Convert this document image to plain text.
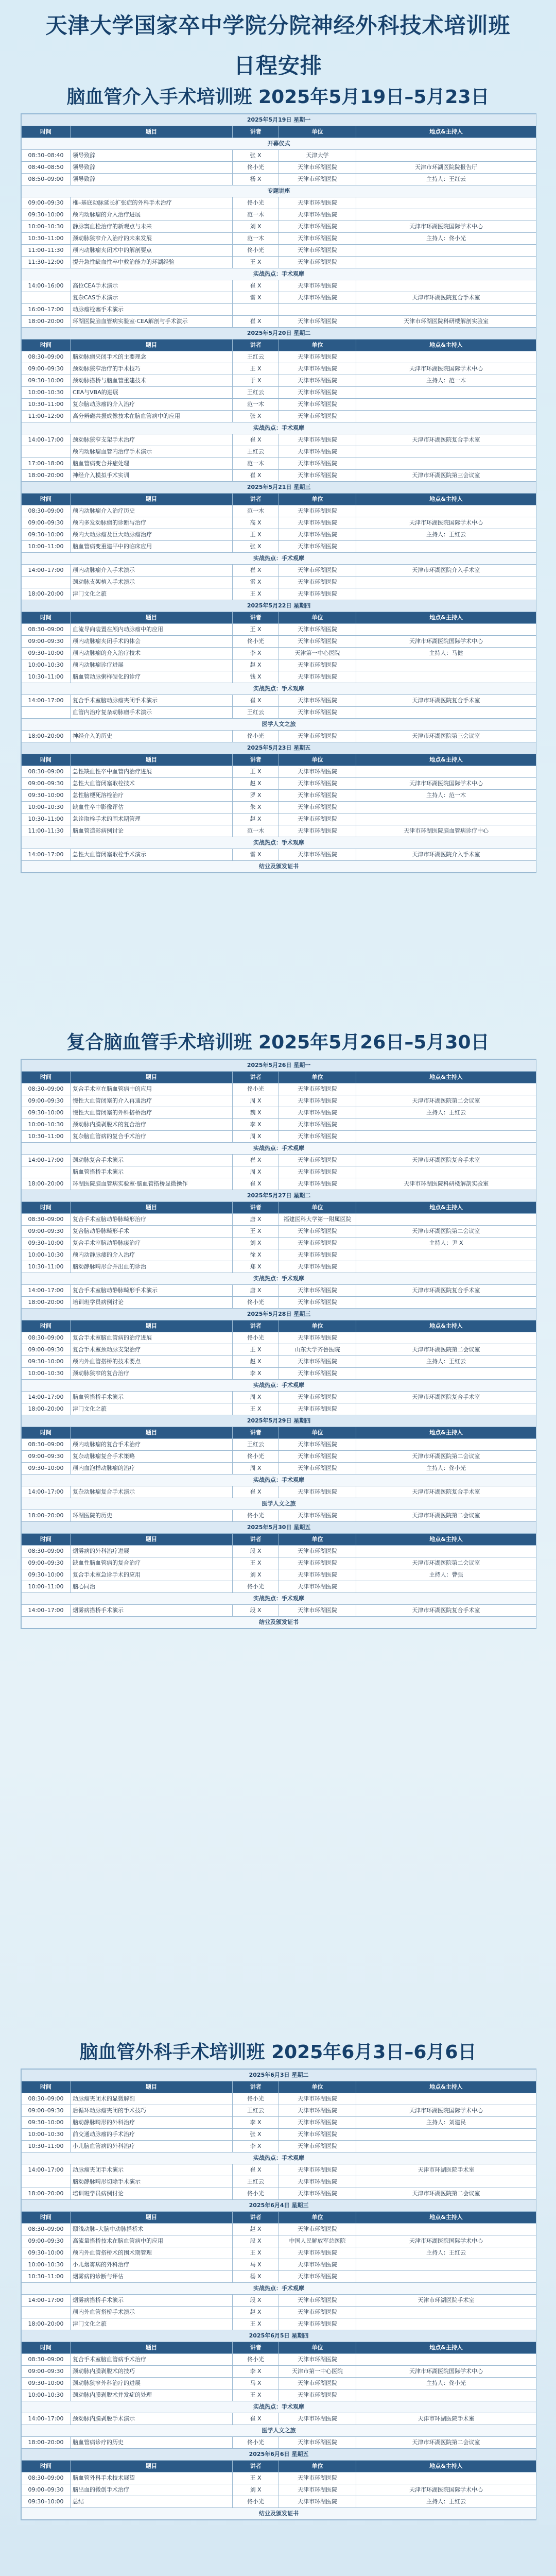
天津大学国家卒中学院分院神经外科技术培训班
日程安排
脑血管介入手术培训班 2025年5月19日–5月23日
2025年5月19日 星期一				
时间	题目	讲者	单位	地点&主持人
开幕仪式				
08:30–08:40	领导致辞	张 X	天津大学	
08:40–08:50	领导致辞	佟小光	天津市环湖医院	天津市环湖医院院报告厅
08:50–09:00	领导致辞	杨 X	天津市环湖医院	主持人：王红云
专题讲座				
09:00–09:30	椎–基底动脉延长扩张症的外科手术治疗	佟小光	天津市环湖医院	
09:30–10:00	颅内动脉瘤的介入治疗进展	范一木	天津市环湖医院	
10:00–10:30	静脉窦血栓治疗的新观点与未来	刘 X	天津市环湖医院	天津市环湖医院国际学术中心
10:30–11:00	颈动脉狭窄介入治疗的未来发展	范一木	天津市环湖医院	主持人：佟小光
11:00–11:30	颅内动脉瘤夹闭术中的解剖要点	佟小光	天津市环湖医院	
11:30–12:00	提升急性缺血性卒中救治能力的环湖经验	王 X	天津市环湖医院	
实战热点：手术观摩				
14:00–16:00	高位CEA手术演示	崔 X	天津市环湖医院	
	复杂CAS手术演示	雷 X	天津市环湖医院	天津市环湖医院复合手术室
16:00–17:00	动脉瘤栓塞手术演示			
18:00–20:00	环湖医院脑血管病实验室·CEA解剖与手术演示	崔 X	天津市环湖医院	天津市环湖医院科研楼解剖实验室
2025年5月20日 星期二				
时间	题目	讲者	单位	地点&主持人
08:30–09:00	脑动脉瘤夹闭手术的主要理念	王红云	天津市环湖医院	
09:00–09:30	颈动脉狭窄治疗的手术技巧	王 X	天津市环湖医院	天津市环湖医院国际学术中心
09:30–10:00	颈动脉搭桥与脑血管重建技术	于 X	天津市环湖医院	主持人：范一木
10:00–10:30	CEA与VBA的进展	王红云	天津市环湖医院	
10:30–11:00	复杂脑动脉瘤的介入治疗	范一木	天津市环湖医院	
11:00–12:00	高分辨磁共振成像技术在脑血管病中的应用	张 X	天津市环湖医院	
实战热点：手术观摩				
14:00–17:00	颈动脉狭窄支架手术治疗	崔 X	天津市环湖医院	天津市环湖医院复合手术室
	颅内动脉瘤血管内治疗手术演示	王红云	天津市环湖医院	
17:00–18:00	脑血管病变合并症处理	范一木	天津市环湖医院	
18:00–20:00	神经介入模拟手术实训	崔 X	天津市环湖医院	天津市环湖医院第三会议室
2025年5月21日 星期三				
时间	题目	讲者	单位	地点&主持人
08:30–09:00	颅内动脉瘤介入治疗历史	范一木	天津市环湖医院	
09:00–09:30	颅内多发动脉瘤的诊断与治疗	高 X	天津市环湖医院	天津市环湖医院国际学术中心
09:30–10:00	颅内大动脉瘤及巨大动脉瘤治疗	王 X	天津市环湖医院	主持人：王红云
10:00–11:00	脑血管病变重建平中的临床应用	张 X	天津市环湖医院	
实战热点：手术观摩				
14:00–17:00	颅内动脉瘤介入手术演示	崔 X	天津市环湖医院	天津市环湖医院介入手术室
	颈动脉支架植入手术演示	雷 X	天津市环湖医院	
18:00–20:00	津门文化之旅	王 X	天津市环湖医院	
2025年5月22日 星期四				
时间	题目	讲者	单位	地点&主持人
08:30–09:00	血流导向装置在颅内动脉瘤中的应用	王 X	天津市环湖医院	
09:00–09:30	颅内动脉瘤夹闭手术的体会	佟小光	天津市环湖医院	天津市环湖医院国际学术中心
09:30–10:00	颅内动脉瘤的介入治疗技术	李 X	天津第一中心医院	主持人：马健
10:00–10:30	颅内动脉瘤诊疗进展	赵 X	天津市环湖医院	
10:30–11:00	脑血管动脉粥样硬化的诊疗	钱 X	天津市环湖医院	
实战热点：手术观摩				
14:00–17:00	复合手术室脑动脉瘤夹闭手术演示	崔 X	天津市环湖医院	天津市环湖医院复合手术室
	血管内治疗复杂动脉瘤手术演示	王红云	天津市环湖医院	
医学人文之旅				
18:00–20:00	神经介入的历史	佟小光	天津市环湖医院	天津市环湖医院第三会议室
2025年5月23日 星期五				
时间	题目	讲者	单位	地点&主持人
08:30–09:00	急性缺血性卒中血管内治疗进展	王 X	天津市环湖医院	
09:00–09:30	急性大血管闭塞取栓技术	赵 X	天津市环湖医院	天津市环湖医院国际学术中心
09:30–10:00	急性脑梗死溶栓治疗	罗 X	天津市环湖医院	主持人：范一木
10:00–10:30	缺血性卒中影像评估	朱 X	天津市环湖医院	
10:30–11:00	急诊取栓手术的围术期管理	赵 X	天津市环湖医院	
11:00–11:30	脑血管造影病例讨论	范一木	天津市环湖医院	天津市环湖医院脑血管病诊疗中心
实战热点：手术观摩				
14:00–17:00	急性大血管闭塞取栓手术演示	雷 X	天津市环湖医院	天津市环湖医院介入手术室
结业及颁发证书				
复合脑血管手术培训班 2025年5月26日–5月30日
2025年5月26日 星期一				
时间	题目	讲者	单位	地点&主持人
08:30–09:00	复合手术室在脑血管病中的应用	佟小光	天津市环湖医院	
09:00–09:30	慢性大血管闭塞的介入再通治疗	周 X	天津市环湖医院	天津市环湖医院第二会议室
09:30–10:00	慢性大血管闭塞的外科搭桥治疗	魏 X	天津市环湖医院	主持人：王红云
10:00–10:30	颈动脉内膜剥脱术的复合治疗	李 X	天津市环湖医院	
10:30–11:00	复杂脑血管病的复合手术治疗	周 X	天津市环湖医院	
实战热点：手术观摩				
14:00–17:00	颈动脉复合手术演示	崔 X	天津市环湖医院	天津市环湖医院复合手术室
	脑血管搭桥手术演示	周 X	天津市环湖医院	
18:00–20:00	环湖医院脑血管病实验室·脑血管搭桥显微操作	崔 X	天津市环湖医院	天津市环湖医院科研楼解剖实验室
2025年5月27日 星期二				
时间	题目	讲者	单位	地点&主持人
08:30–09:00	复合手术室脑动静脉畸形治疗	唐 X	福建医科大学第一附属医院	
09:00–09:30	复合脑动静脉畸形手术	王 X	天津市环湖医院	天津市环湖医院第二会议室
09:30–10:00	复合手术室脑动静脉瘘治疗	刘 X	天津市环湖医院	主持人：尹 X
10:00–10:30	颅内动静脉瘘的介入治疗	徐 X	天津市环湖医院	
10:30–11:00	脑动静脉畸形合并出血的诊治	郑 X	天津市环湖医院	
实战热点：手术观摩				
14:00–17:00	复合手术室脑动静脉畸形手术演示	唐 X	天津市环湖医院	天津市环湖医院复合手术室
18:00–20:00	培训班学员病例讨论	佟小光	天津市环湖医院	
2025年5月28日 星期三				
时间	题目	讲者	单位	地点&主持人
08:30–09:00	复合手术室脑血管病的治疗进展	佟小光	天津市环湖医院	
09:00–09:30	复合手术室颈动脉支架治疗	王 X	山东大学齐鲁医院	天津市环湖医院第二会议室
09:30–10:00	颅内外血管搭桥的技术要点	赵 X	天津市环湖医院	主持人：王红云
10:00–10:30	颈动脉狭窄的复合治疗	李 X	天津市环湖医院	
实战热点：手术观摩				
14:00–17:00	脑血管搭桥手术演示	周 X	天津市环湖医院	天津市环湖医院复合手术室
18:00–20:00	津门文化之旅	王 X	天津市环湖医院	
2025年5月29日 星期四				
时间	题目	讲者	单位	地点&主持人
08:30–09:00	颅内动脉瘤的复合手术治疗	王红云	天津市环湖医院	
09:00–09:30	复杂动脉瘤复合手术策略	佟小光	天津市环湖医院	天津市环湖医院第二会议室
09:30–10:00	颅内血泡样动脉瘤的治疗	周 X	天津市环湖医院	主持人：佟小光
实战热点：手术观摩				
14:00–17:00	复杂动脉瘤复合手术演示	崔 X	天津市环湖医院	天津市环湖医院复合手术室
医学人文之旅				
18:00–20:00	环湖医院的历史	佟小光	天津市环湖医院	天津市环湖医院第二会议室
2025年5月30日 星期五				
时间	题目	讲者	单位	地点&主持人
08:30–09:00	烟雾病的外科治疗进展	段 X	天津市环湖医院	
09:00–09:30	缺血性脑血管病的复合治疗	王 X	天津市环湖医院	天津市环湖医院第二会议室
09:30–10:00	复合手术室急诊手术的应用	刘 X	天津市环湖医院	主持人：曹强
10:00–11:00	脑心同治	佟小光	天津市环湖医院	
实战热点：手术观摩				
14:00–17:00	烟雾病搭桥手术演示	段 X	天津市环湖医院	天津市环湖医院复合手术室
结业及颁发证书				
脑血管外科手术培训班 2025年6月3日–6月6日
2025年6月3日 星期二				
时间	题目	讲者	单位	地点&主持人
08:30–09:00	动脉瘤夹闭术的显微解剖	佟小光	天津市环湖医院	
09:00–09:30	后循环动脉瘤夹闭的手术技巧	王红云	天津市环湖医院	天津市环湖医院国际学术中心
09:30–10:00	脑动静脉畸形的外科治疗	李 X	天津市环湖医院	主持人：刘建民
10:00–10:30	前交通动脉瘤的手术治疗	张 X	天津市环湖医院	
10:30–11:00	小儿脑血管病的外科治疗	李 X	天津市环湖医院	
实战热点：手术观摩				
14:00–17:00	动脉瘤夹闭手术演示	崔 X	天津市环湖医院	天津市环湖医院手术室
	脑动静脉畸形切除手术演示	王红云	天津市环湖医院	
18:00–20:00	培训班学员病例讨论	佟小光	天津市环湖医院	天津市环湖医院第二会议室
2025年6月4日 星期三				
时间	题目	讲者	单位	地点&主持人
08:30–09:00	颞浅动脉–大脑中动脉搭桥术	赵 X	天津市环湖医院	
09:00–09:30	高流量搭桥技术在脑血管病中的应用	段 X	中国人民解放军总医院	天津市环湖医院国际学术中心
09:30–10:00	颅内外血管搭桥术的围术期管理	王 X	天津市环湖医院	主持人：王红云
10:00–10:30	小儿烟雾病的外科治疗	马 X	天津市环湖医院	
10:30–11:00	烟雾病的诊断与评估	杨 X	天津市环湖医院	
实战热点：手术观摩				
14:00–17:00	烟雾病搭桥手术演示	段 X	天津市环湖医院	天津市环湖医院手术室
	颅内外血管搭桥手术演示	赵 X	天津市环湖医院	
18:00–20:00	津门文化之旅	王 X	天津市环湖医院	
2025年6月5日 星期四				
时间	题目	讲者	单位	地点&主持人
08:30–09:00	复合手术室脑血管病手术治疗	佟小光	天津市环湖医院	
09:00–09:30	颈动脉内膜剥脱术的技巧	李 X	天津市第一中心医院	天津市环湖医院国际学术中心
09:30–10:00	颈动脉狭窄外科治疗的进展	马 X	天津市环湖医院	主持人：佟小光
10:00–10:30	颈动脉内膜剥脱术并发症的处理	王 X	天津市环湖医院	
实战热点：手术观摩				
14:00–17:00	颈动脉内膜剥脱手术演示	崔 X	天津市环湖医院	天津市环湖医院手术室
医学人文之旅				
18:00–20:00	脑血管病诊疗的历史	佟小光	天津市环湖医院	天津市环湖医院第二会议室
2025年6月6日 星期五				
时间	题目	讲者	单位	地点&主持人
08:30–09:00	脑血管外科手术技术展望	王 X	天津市环湖医院	
09:00–09:30	脑出血的微创手术治疗	刘 X	天津市环湖医院	天津市环湖医院国际学术中心
09:30–10:00	总结	佟小光	天津市环湖医院	主持人：王红云
结业及颁发证书				
